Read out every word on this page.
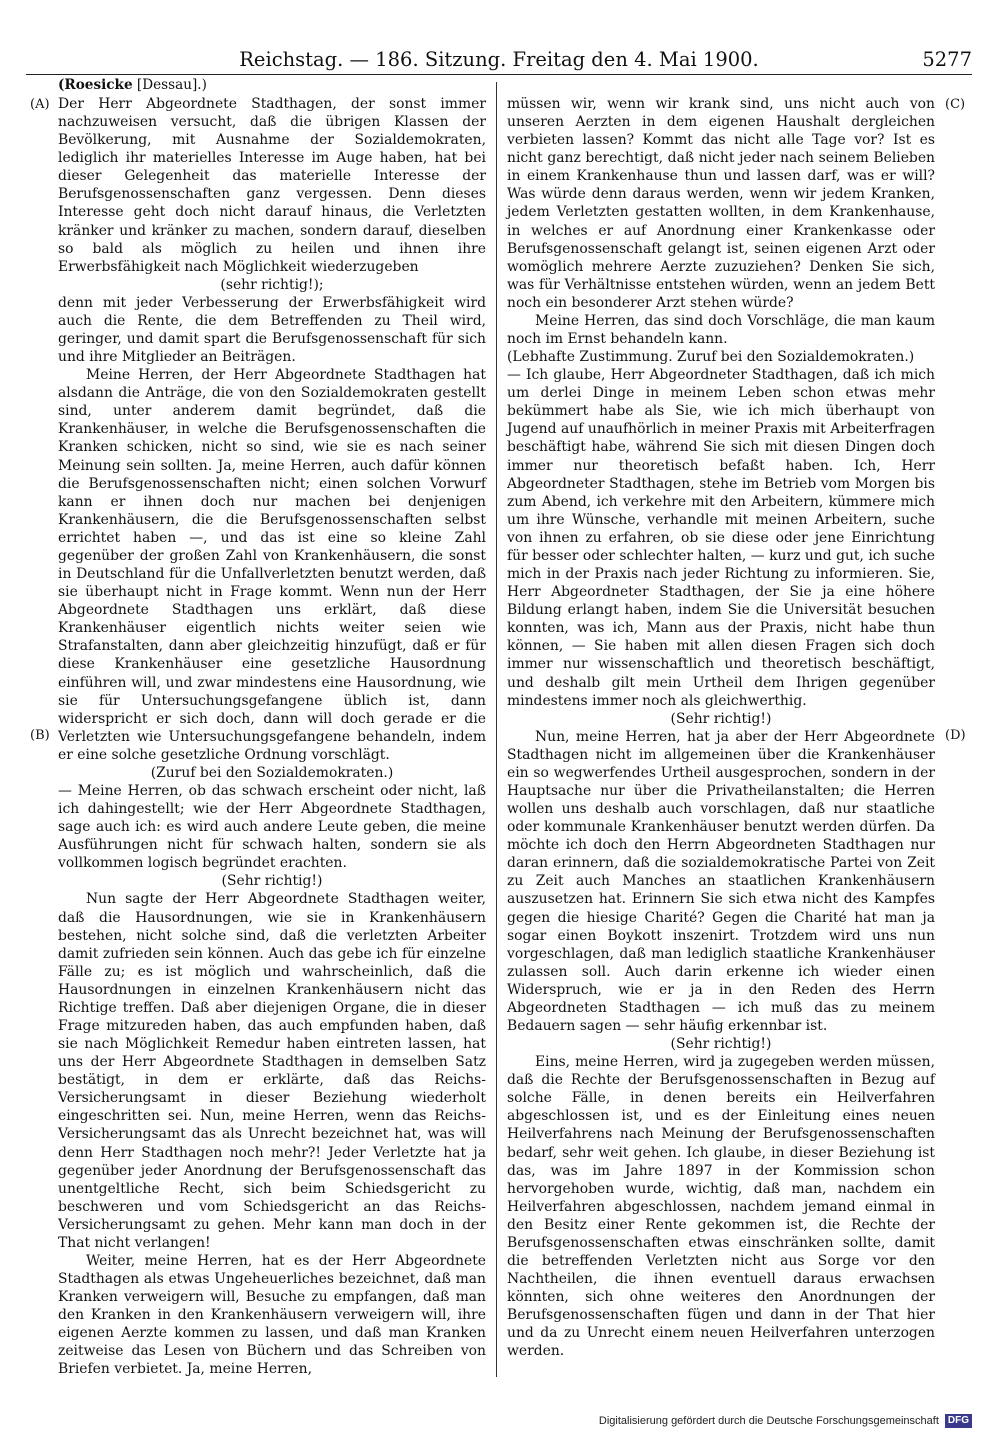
Reichstag. — 186. Sitzung. Freitag den 4. Mai 1900.	5277
(Roesicke [Dessau].)
(A)
(B)
(C)
(D)

Der Herr Abgeordnete Stadthagen, der sonst immer nachzuweisen versucht, daß die übrigen Klassen der Bevölkerung, mit Ausnahme der Sozialdemokraten, lediglich ihr materielles Interesse im Auge haben, hat bei dieser Gelegenheit das materielle Interesse der Berufsgenossenschaften ganz vergessen. Denn dieses Interesse geht doch nicht darauf hinaus, die Verletzten kränker und kränker zu machen, sondern darauf, dieselben so bald als möglich zu heilen und ihnen ihre Erwerbsfähigkeit nach Möglichkeit wiederzugeben

(sehr richtig!);

denn mit jeder Verbesserung der Erwerbsfähigkeit wird auch die Rente, die dem Betreffenden zu Theil wird, geringer, und damit spart die Berufsgenossenschaft für sich und ihre Mitglieder an Beiträgen.

Meine Herren, der Herr Abgeordnete Stadthagen hat alsdann die Anträge, die von den Sozialdemokraten gestellt sind, unter anderem damit begründet, daß die Krankenhäuser, in welche die Berufsgenossenschaften die Kranken schicken, nicht so sind, wie sie es nach seiner Meinung sein sollten. Ja, meine Herren, auch dafür können die Berufsgenossenschaften nicht; einen solchen Vorwurf kann er ihnen doch nur machen bei denjenigen Krankenhäusern, die die Berufsgenossenschaften selbst errichtet haben —, und das ist eine so kleine Zahl gegenüber der großen Zahl von Krankenhäusern, die sonst in Deutschland für die Unfallverletzten benutzt werden, daß sie überhaupt nicht in Frage kommt. Wenn nun der Herr Abgeordnete Stadthagen uns erklärt, daß diese Krankenhäuser eigentlich nichts weiter seien wie Strafanstalten, dann aber gleichzeitig hinzufügt, daß er für diese Krankenhäuser eine gesetzliche Hausordnung einführen will, und zwar mindestens eine Hausordnung, wie sie für Untersuchungsgefangene üblich ist, dann widerspricht er sich doch, dann will doch gerade er die Verletzten wie Untersuchungsgefangene behandeln, indem er eine solche gesetzliche Ordnung vorschlägt.

(Zuruf bei den Sozialdemokraten.)

— Meine Herren, ob das schwach erscheint oder nicht, laß ich dahingestellt; wie der Herr Abgeordnete Stadthagen, sage auch ich: es wird auch andere Leute geben, die meine Ausführungen nicht für schwach halten, sondern sie als vollkommen logisch begründet erachten.

(Sehr richtig!)

Nun sagte der Herr Abgeordnete Stadthagen weiter, daß die Hausordnungen, wie sie in Krankenhäusern bestehen, nicht solche sind, daß die verletzten Arbeiter damit zufrieden sein können. Auch das gebe ich für einzelne Fälle zu; es ist möglich und wahrscheinlich, daß die Hausordnungen in einzelnen Krankenhäusern nicht das Richtige treffen. Daß aber diejenigen Organe, die in dieser Frage mitzureden haben, das auch empfunden haben, daß sie nach Möglichkeit Remedur haben eintreten lassen, hat uns der Herr Abgeordnete Stadthagen in demselben Satz bestätigt, in dem er erklärte, daß das Reichs-Versicherungsamt in dieser Beziehung wiederholt eingeschritten sei. Nun, meine Herren, wenn das Reichs-Versicherungsamt das als Unrecht bezeichnet hat, was will denn Herr Stadthagen noch mehr?! Jeder Verletzte hat ja gegenüber jeder Anordnung der Berufsgenossenschaft das unentgeltliche Recht, sich beim Schiedsgericht zu beschweren und vom Schiedsgericht an das Reichs-Versicherungsamt zu gehen. Mehr kann man doch in der That nicht verlangen!

Weiter, meine Herren, hat es der Herr Abgeordnete Stadthagen als etwas Ungeheuerliches bezeichnet, daß man Kranken verweigern will, Besuche zu empfangen, daß man den Kranken in den Krankenhäusern verweigern will, ihre eigenen Aerzte kommen zu lassen, und daß man Kranken zeitweise das Lesen von Büchern und das Schreiben von Briefen verbietet. Ja, meine Herren,

müssen wir, wenn wir krank sind, uns nicht auch von unseren Aerzten in dem eigenen Haushalt dergleichen verbieten lassen? Kommt das nicht alle Tage vor? Ist es nicht ganz berechtigt, daß nicht jeder nach seinem Belieben in einem Krankenhause thun und lassen darf, was er will? Was würde denn daraus werden, wenn wir jedem Kranken, jedem Verletzten gestatten wollten, in dem Krankenhause, in welches er auf Anordnung einer Krankenkasse oder Berufsgenossenschaft gelangt ist, seinen eigenen Arzt oder womöglich mehrere Aerzte zuzuziehen? Denken Sie sich, was für Verhältnisse entstehen würden, wenn an jedem Bett noch ein besonderer Arzt stehen würde?

Meine Herren, das sind doch Vorschläge, die man kaum noch im Ernst behandeln kann.

(Lebhafte Zustimmung. Zuruf bei den Sozialdemokraten.)

— Ich glaube, Herr Abgeordneter Stadthagen, daß ich mich um derlei Dinge in meinem Leben schon etwas mehr bekümmert habe als Sie, wie ich mich überhaupt von Jugend auf unaufhörlich in meiner Praxis mit Arbeiterfragen beschäftigt habe, während Sie sich mit diesen Dingen doch immer nur theoretisch befaßt haben. Ich, Herr Abgeordneter Stadthagen, stehe im Betrieb vom Morgen bis zum Abend, ich verkehre mit den Arbeitern, kümmere mich um ihre Wünsche, verhandle mit meinen Arbeitern, suche von ihnen zu erfahren, ob sie diese oder jene Einrichtung für besser oder schlechter halten, — kurz und gut, ich suche mich in der Praxis nach jeder Richtung zu informieren. Sie, Herr Abgeordneter Stadthagen, der Sie ja eine höhere Bildung erlangt haben, indem Sie die Universität besuchen konnten, was ich, Mann aus der Praxis, nicht habe thun können, — Sie haben mit allen diesen Fragen sich doch immer nur wissenschaftlich und theoretisch beschäftigt, und deshalb gilt mein Urtheil dem Ihrigen gegenüber mindestens immer noch als gleichwerthig.

(Sehr richtig!)

Nun, meine Herren, hat ja aber der Herr Abgeordnete Stadthagen nicht im allgemeinen über die Krankenhäuser ein so wegwerfendes Urtheil ausgesprochen, sondern in der Hauptsache nur über die Privatheilanstalten; die Herren wollen uns deshalb auch vorschlagen, daß nur staatliche oder kommunale Krankenhäuser benutzt werden dürfen. Da möchte ich doch den Herrn Abgeordneten Stadthagen nur daran erinnern, daß die sozialdemokratische Partei von Zeit zu Zeit auch Manches an staatlichen Krankenhäusern auszusetzen hat. Erinnern Sie sich etwa nicht des Kampfes gegen die hiesige Charité? Gegen die Charité hat man ja sogar einen Boykott inszenirt. Trotzdem wird uns nun vorgeschlagen, daß man lediglich staatliche Krankenhäuser zulassen soll. Auch darin erkenne ich wieder einen Widerspruch, wie er ja in den Reden des Herrn Abgeordneten Stadthagen — ich muß das zu meinem Bedauern sagen — sehr häufig erkennbar ist.

(Sehr richtig!)

Eins, meine Herren, wird ja zugegeben werden müssen, daß die Rechte der Berufsgenossenschaften in Bezug auf solche Fälle, in denen bereits ein Heilverfahren abgeschlossen ist, und es der Einleitung eines neuen Heilverfahrens nach Meinung der Berufsgenossenschaften bedarf, sehr weit gehen. Ich glaube, in dieser Beziehung ist das, was im Jahre 1897 in der Kommission schon hervorgehoben wurde, wichtig, daß man, nachdem ein Heilverfahren abgeschlossen, nachdem jemand einmal in den Besitz einer Rente gekommen ist, die Rechte der Berufsgenossenschaften etwas einschränken sollte, damit die betreffenden Verletzten nicht aus Sorge vor den Nachtheilen, die ihnen eventuell daraus erwachsen könnten, sich ohne weiteres den Anordnungen der Berufsgenossenschaften fügen und dann in der That hier und da zu Unrecht einem neuen Heilverfahren unterzogen werden.

Digitalisierung gefördert durch die Deutsche Forschungsgemeinschaft DFG
